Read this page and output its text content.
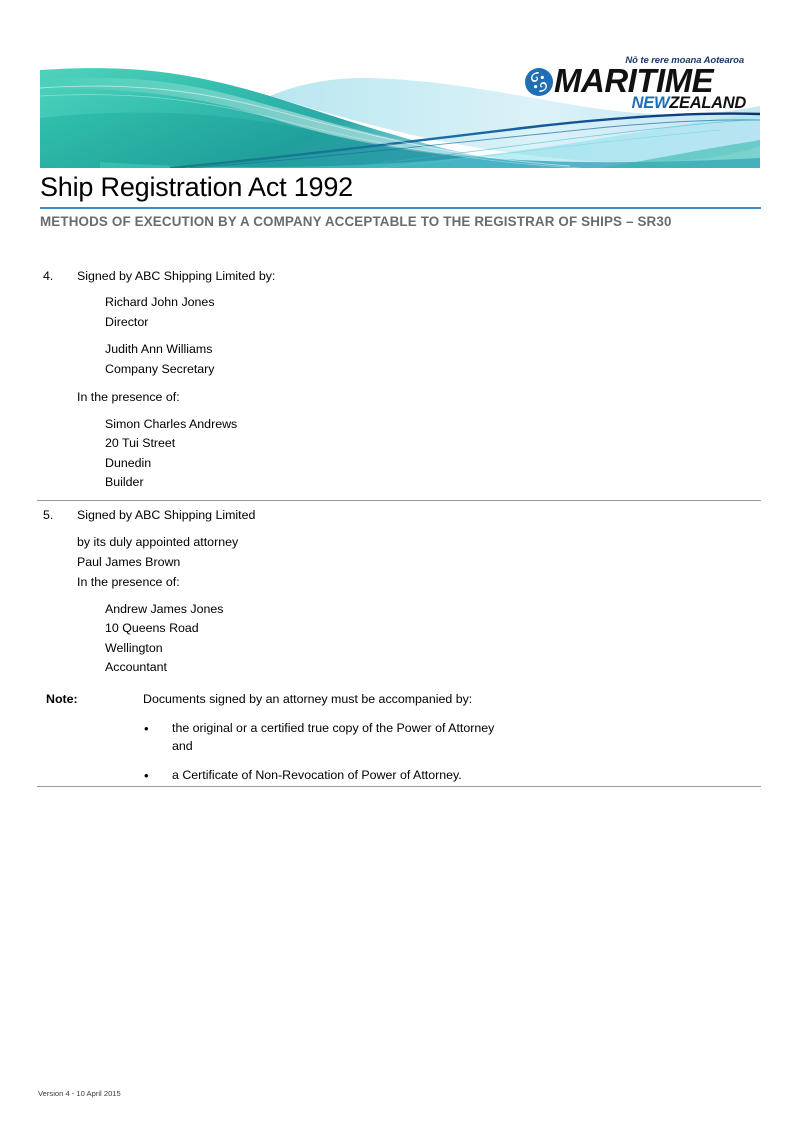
Nō te rere moana Aotearoa
MARITIME
NEWZEALAND
Ship Registration Act 1992
METHODS OF EXECUTION BY A COMPANY ACCEPTABLE TO THE REGISTRAR OF SHIPS – SR30
4. Signed by ABC Shipping Limited by:
Richard John Jones
Director
Judith Ann Williams
Company Secretary
In the presence of:
Simon Charles Andrews
20 Tui Street
Dunedin
Builder
5. Signed by ABC Shipping Limited
by its duly appointed attorney
Paul James Brown
In the presence of:
Andrew James Jones
10 Queens Road
Wellington
Accountant
Note:	Documents signed by an attorney must be accompanied by:
• the original or a certified true copy of the Power of Attorney
and
• a Certificate of Non-Revocation of Power of Attorney.
Version 4 - 10 April 2015
